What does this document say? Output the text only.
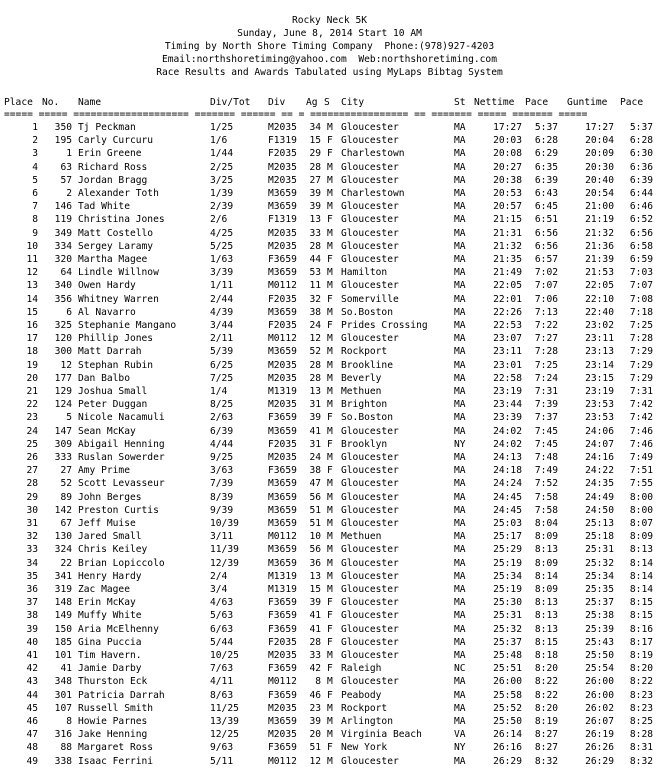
Rocky Neck 5K
Sunday, June 8, 2014 Start 10 AM
Timing by North Shore Timing Company  Phone:(978)927-4203
Email:northshoretiming@yahoo.com  Web:northshoretiming.com
Race Results and Awards Tabulated using MyLaps Bibtag System
Place No. Name	Div/Tot Div Ag S City	St Nettime Pace Guntime Pace
===== ===== ==================== ======= ====== == = ================= == ======= ===== ======= =====
1	350 Tj Peckman	1/25	M2035	34 M Gloucester	MA	17:27	5:37	17:27	5:37
2	195 Carly Curcuru	1/6	F1319	15 F Gloucester	MA	20:03	6:28	20:04	6:28
3	1 Erin Greene	1/44	F2035	29 F Charlestown	MA	20:08	6:29	20:09	6:30
4	63 Richard Ross	2/25	M2035	28 M Gloucester	MA	20:27	6:35	20:30	6:36
5	57 Jordan Bragg	3/25	M2035	27 M Gloucester	MA	20:38	6:39	20:40	6:39
6	2 Alexander Toth	1/39	M3659	39 M Charlestown	MA	20:53	6:43	20:54	6:44
7	146 Tad White	2/39	M3659	39 M Gloucester	MA	20:57	6:45	21:00	6:46
8	119 Christina Jones	2/6	F1319	13 F Gloucester	MA	21:15	6:51	21:19	6:52
9	349 Matt Costello	4/25	M2035	33 M Gloucester	MA	21:31	6:56	21:32	6:56
10	334 Sergey Laramy	5/25	M2035	28 M Gloucester	MA	21:32	6:56	21:36	6:58
11	320 Martha Magee	1/63	F3659	44 F Gloucester	MA	21:35	6:57	21:39	6:59
12	64 Lindle Willnow	3/39	M3659	53 M Hamilton	MA	21:49	7:02	21:53	7:03
13	340 Owen Hardy	1/11	M0112	11 M Gloucester	MA	22:05	7:07	22:05	7:07
14	356 Whitney Warren	2/44	F2035	32 F Somerville	MA	22:01	7:06	22:10	7:08
15	6 Al Navarro	4/39	M3659	38 M So.Boston	MA	22:26	7:13	22:40	7:18
16	325 Stephanie Mangano	3/44	F2035	24 F Prides Crossing	MA	22:53	7:22	23:02	7:25
17	120 Phillip Jones	2/11	M0112	12 M Gloucester	MA	23:07	7:27	23:11	7:28
18	300 Matt Darrah	5/39	M3659	52 M Rockport	MA	23:11	7:28	23:13	7:29
19	12 Stephan Rubin	6/25	M2035	28 M Brookline	MA	23:01	7:25	23:14	7:29
20	177 Dan Balbo	7/25	M2035	28 M Beverly	MA	22:58	7:24	23:15	7:29
21	129 Joshua Small	1/4	M1319	13 M Methuen	MA	23:19	7:31	23:19	7:31
22	124 Peter Duggan	8/25	M2035	31 M Brighton	MA	23:44	7:39	23:53	7:42
23	5 Nicole Nacamuli	2/63	F3659	39 F So.Boston	MA	23:39	7:37	23:53	7:42
24	147 Sean McKay	6/39	M3659	41 M Gloucester	MA	24:02	7:45	24:06	7:46
25	309 Abigail Henning	4/44	F2035	31 F Brooklyn	NY	24:02	7:45	24:07	7:46
26	333 Ruslan Sowerder	9/25	M2035	24 M Gloucester	MA	24:13	7:48	24:16	7:49
27	27 Amy Prime	3/63	F3659	38 F Gloucester	MA	24:18	7:49	24:22	7:51
28	52 Scott Levasseur	7/39	M3659	47 M Gloucester	MA	24:24	7:52	24:35	7:55
29	89 John Berges	8/39	M3659	56 M Gloucester	MA	24:45	7:58	24:49	8:00
30	142 Preston Curtis	9/39	M3659	51 M Gloucester	MA	24:45	7:58	24:50	8:00
31	67 Jeff Muise	10/39	M3659	51 M Gloucester	MA	25:03	8:04	25:13	8:07
32	130 Jared Small	3/11	M0112	10 M Methuen	MA	25:17	8:09	25:18	8:09
33	324 Chris Keiley	11/39	M3659	56 M Gloucester	MA	25:29	8:13	25:31	8:13
34	22 Brian Lopiccolo	12/39	M3659	36 M Gloucester	MA	25:19	8:09	25:32	8:14
35	341 Henry Hardy	2/4	M1319	13 M Gloucester	MA	25:34	8:14	25:34	8:14
36	319 Zac Magee	3/4	M1319	15 M Gloucester	MA	25:19	8:09	25:35	8:14
37	148 Erin McKay	4/63	F3659	39 F Gloucester	MA	25:30	8:13	25:37	8:15
38	149 Muffy White	5/63	F3659	41 F Gloucester	MA	25:31	8:13	25:38	8:15
39	150 Aria McElhenny	6/63	F3659	41 F Gloucester	MA	25:32	8:13	25:39	8:16
40	185 Gina Puccia	5/44	F2035	28 F Gloucester	MA	25:37	8:15	25:43	8:17
41	101 Tim Havern.	10/25	M2035	33 M Gloucester	MA	25:48	8:18	25:50	8:19
42	41 Jamie Darby	7/63	F3659	42 F Raleigh	NC	25:51	8:20	25:54	8:20
43	348 Thurston Eck	4/11	M0112	8 M Gloucester	MA	26:00	8:22	26:00	8:22
44	301 Patricia Darrah	8/63	F3659	46 F Peabody	MA	25:58	8:22	26:00	8:23
45	107 Russell Smith	11/25	M2035	23 M Rockport	MA	25:52	8:20	26:02	8:23
46	8 Howie Parnes	13/39	M3659	39 M Arlington	MA	25:50	8:19	26:07	8:25
47	316 Jake Henning	12/25	M2035	20 M Virginia Beach	VA	26:14	8:27	26:19	8:28
48	88 Margaret Ross	9/63	F3659	51 F New York	NY	26:16	8:27	26:26	8:31
49	338 Isaac Ferrini	5/11	M0112	12 M Gloucester	MA	26:29	8:32	26:29	8:32
